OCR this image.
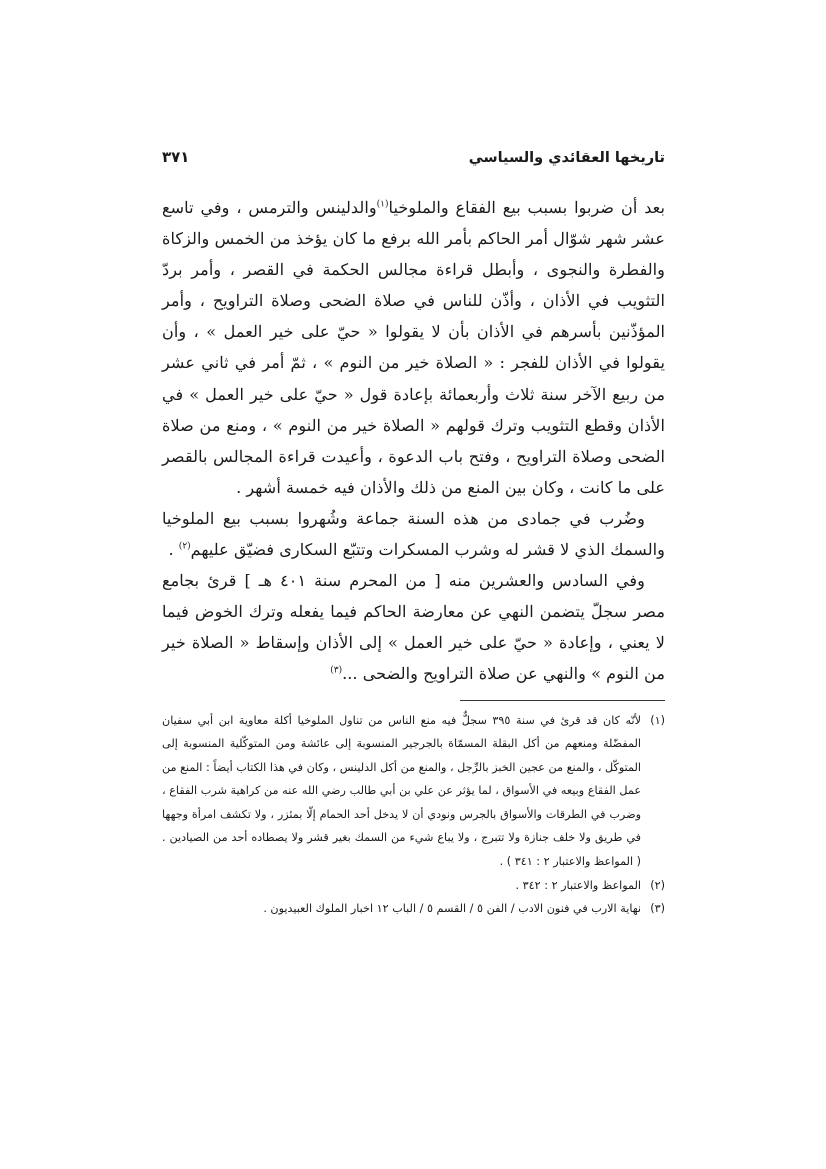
تاريخها العقائدي والسياسي
٣٧١

بعد أن ضربوا بسبب بيع الفقاع والملوخيا$^{(١)}$والدلينس والترمس ، وفي تاسع عشر شهر شوّال أمر الحاكم بأمر الله برفع ما كان يؤخذ من الخمس والزكاة والفطرة والنجوى ، وأبطل قراءة مجالس الحكمة في القصر ، وأمر بردّ التثويب في الأذان ، وأذّن للناس في صلاة الضحى وصلاة التراويح ، وأمر المؤذّنين بأسرهم في الأذان بأن لا يقولوا « حيّ على خير العمل » ، وأن يقولوا في الأذان للفجر : « الصلاة خير من النوم » ، ثمّ أمر في ثاني عشر من ربيع الآخر سنة ثلاث وأربعمائة بإعادة قول « حيّ على خير العمل » في الأذان وقطع التثويب وترك قولهم « الصلاة خير من النوم » ، ومنع من صلاة الضحى وصلاة التراويح ، وفتح باب الدعوة ، وأعيدت قراءة المجالس بالقصر على ما كانت ، وكان بين المنع من ذلك والأذان فيه خمسة أشهر .

وضُرب في جمادى من هذه السنة جماعة وشُهروا بسبب بيع الملوخيا والسمك الذي لا قشر له وشرب المسكرات وتتبّع السكارى فضيّق عليهم$^{(٢)}$ .

وفي السادس والعشرين منه [ من المحرم سنة ٤٠١ هـ ] قرئ بجامع مصر سجلّ يتضمن النهي عن معارضة الحاكم فيما يفعله وترك الخوض فيما لا يعني ، وإعادة « حيّ على خير العمل » إلى الأذان وإسقاط « الصلاة خير من النوم » والنهي عن صلاة التراويح والضحى ...$^{(٣)}$

(١)
لأنّه كان قد قرئ في سنة ٣٩٥ سجلٌّ فيه منع الناس من تناول الملوخيا أكلة معاوية ابن أبي سفيان المفضّلة ومنعهم من أكل البقلة المسمّاة بالجرجير المنسوبة إلى عائشة ومن المتوكّلية المنسوبة إلى المتوكّل ، والمنع من عجين الخبز بالرِّجل ، والمنع من أكل الدلينس ، وكان في هذا الكتاب أيضاً : المنع من عمل الفقاع وبيعه في الأسواق ، لما يؤثر عن علي بن أبي طالب رضي الله عنه من كراهية شرب الفقاع ، وضرب في الطرقات والأسواق بالجرس ونودي أن لا يدخل أحد الحمام إلّا بمئزر ، ولا تكشف امرأة وجهها في طريق ولا خلف جنازة ولا تتبرج ، ولا يباع شيء من السمك بغير قشر ولا يصطاده أحد من الصيادين . ( المواعظ والاعتبار ٢ : ٣٤١ ) .

(٢)
المواعظ والاعتبار ٢ : ٣٤٢ .

(٣)
نهاية الارب في فنون الادب / الفن ٥ / القسم ٥ / الباب ١٢ اخبار الملوك العبيديون .
